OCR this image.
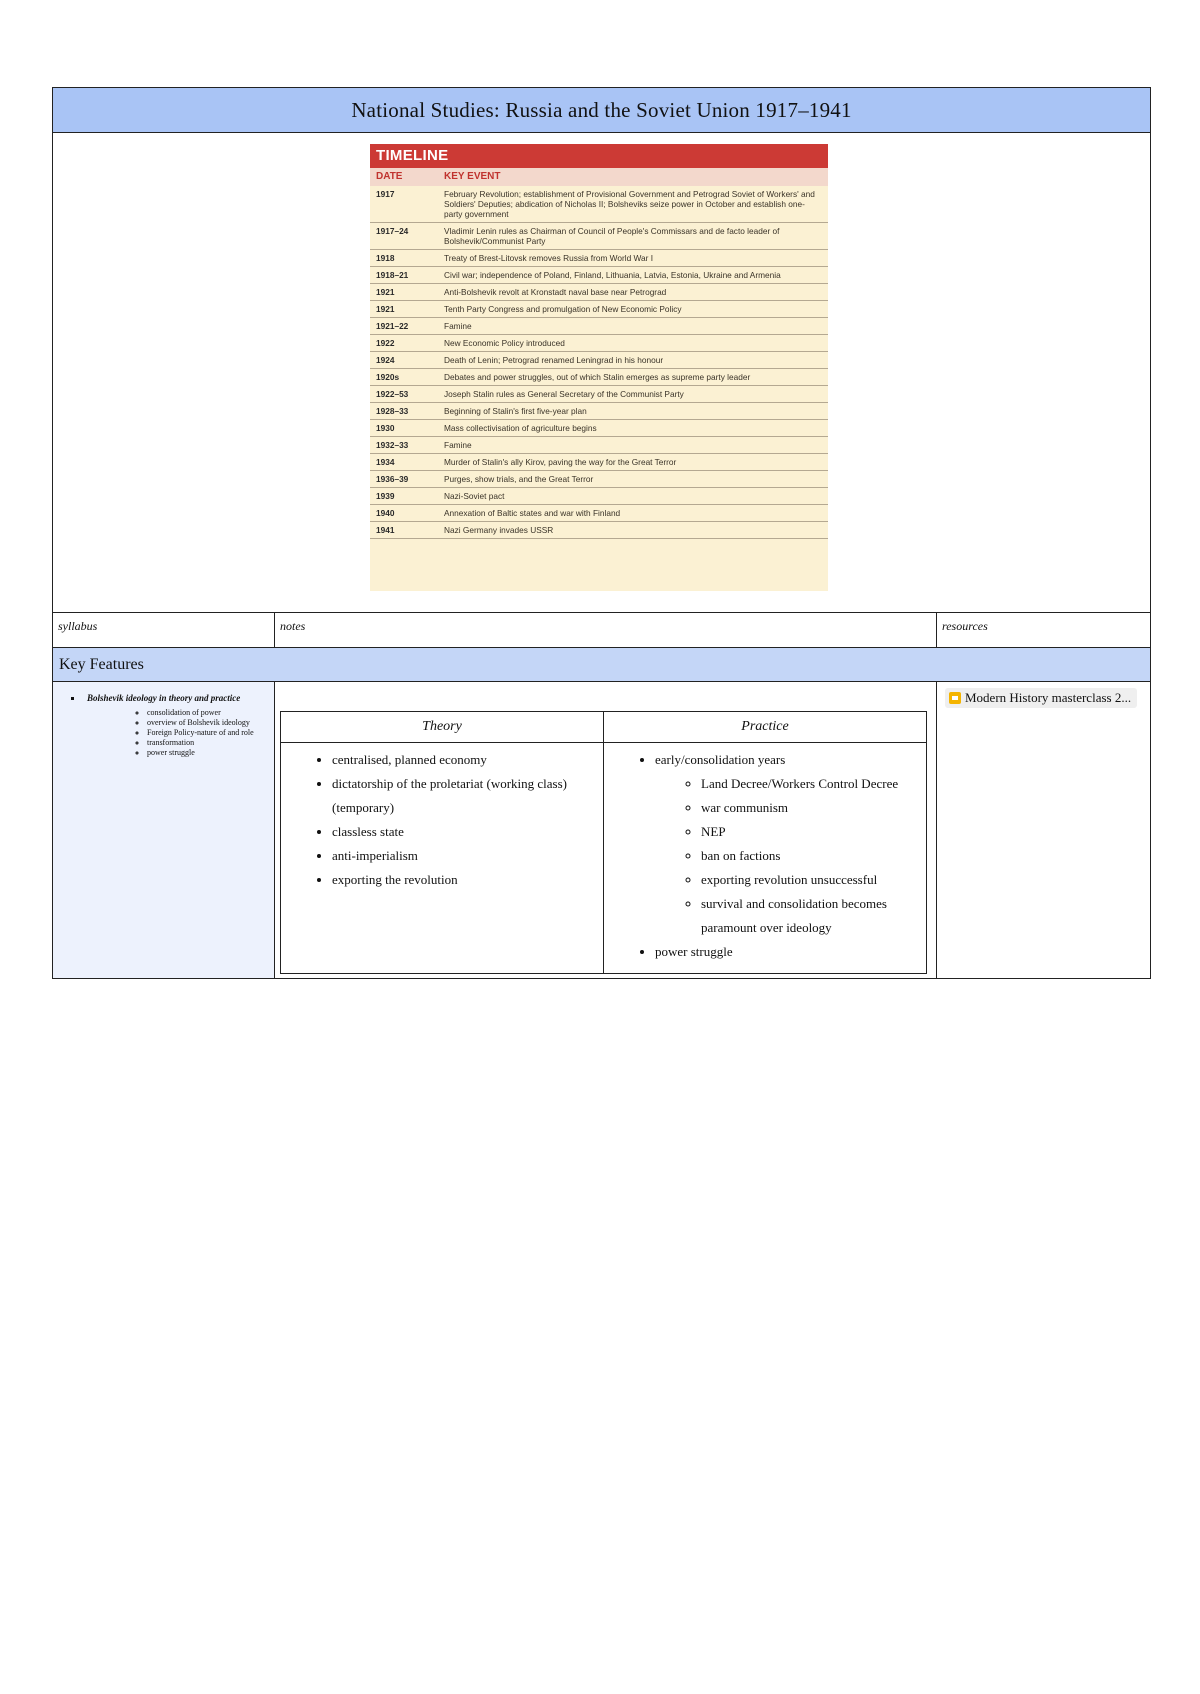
National Studies: Russia and the Soviet Union 1917–1941

TIMELINE
DATE	KEY EVENT
1917	February Revolution; establishment of Provisional Government and Petrograd Soviet of Workers' and Soldiers' Deputies; abdication of Nicholas II; Bolsheviks seize power in October and establish one-party government
1917–24	Vladimir Lenin rules as Chairman of Council of People's Commissars and de facto leader of Bolshevik/Communist Party
1918	Treaty of Brest-Litovsk removes Russia from World War I
1918–21	Civil war; independence of Poland, Finland, Lithuania, Latvia, Estonia, Ukraine and Armenia
1921	Anti-Bolshevik revolt at Kronstadt naval base near Petrograd
1921	Tenth Party Congress and promulgation of New Economic Policy
1921–22	Famine
1922	New Economic Policy introduced
1924	Death of Lenin; Petrograd renamed Leningrad in his honour
1920s	Debates and power struggles, out of which Stalin emerges as supreme party leader
1922–53	Joseph Stalin rules as General Secretary of the Communist Party
1928–33	Beginning of Stalin's first five-year plan
1930	Mass collectivisation of agriculture begins
1932–33	Famine
1934	Murder of Stalin's ally Kirov, paving the way for the Great Terror
1936–39	Purges, show trials, and the Great Terror
1939	Nazi-Soviet pact
1940	Annexation of Baltic states and war with Finland
1941	Nazi Germany invades USSR

syllabus	notes	resources
Key Features

▪ Bolshevik ideology in theory and practice
◦ consolidation of power
◦ overview of Bolshevik ideology
◦ Foreign Policy-nature of and role
◦ transformation
◦ power struggle

Theory	Practice

• centralised, planned economy
• dictatorship of the proletariat (working class) (temporary)
• classless state
• anti-imperialism
• exporting the revolution

• early/consolidation years
◦ Land Decree/Workers Control Decree
◦ war communism
◦ NEP
◦ ban on factions
◦ exporting revolution unsuccessful
◦ survival and consolidation becomes paramount over ideology
• power struggle

Modern History masterclass 2...
